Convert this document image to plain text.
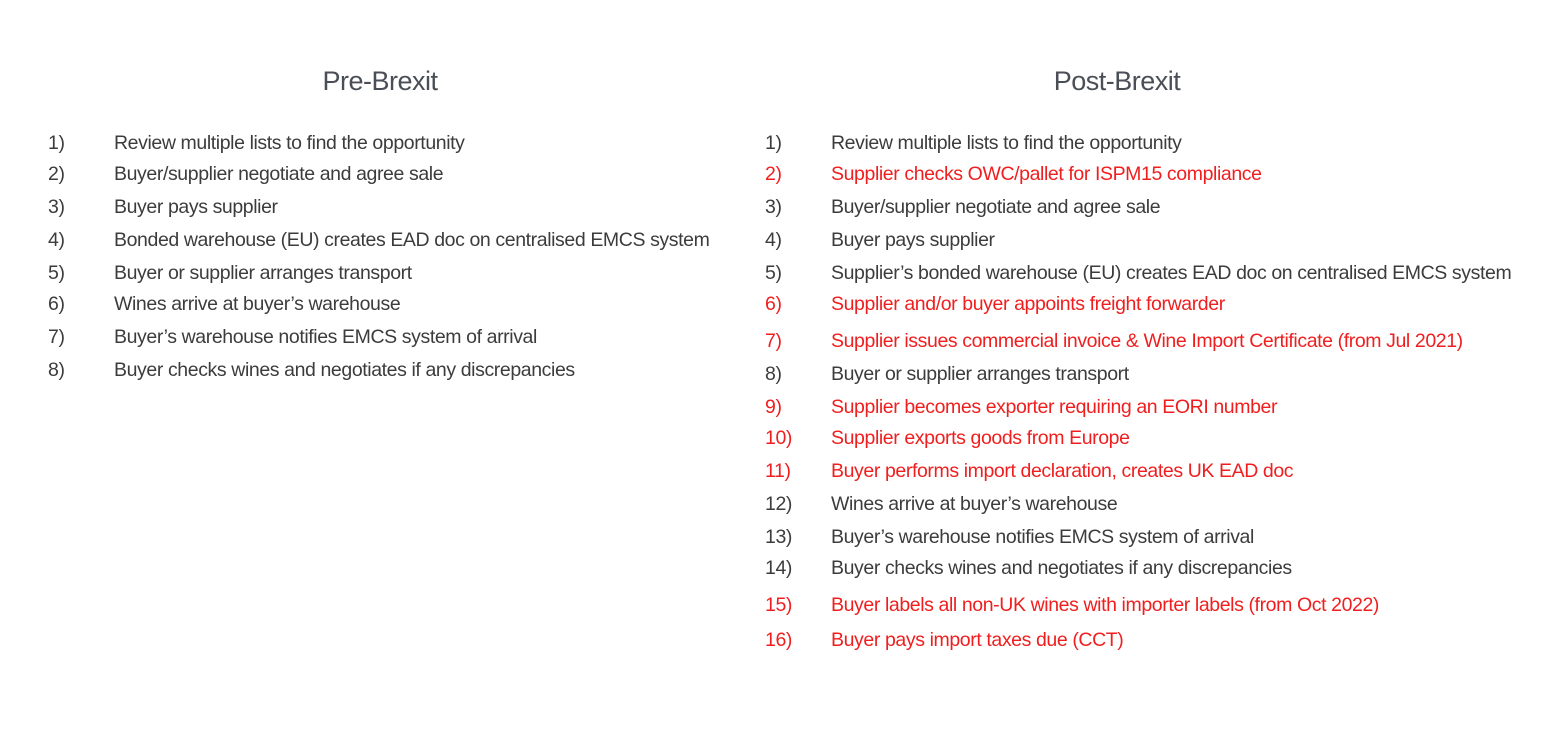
Pre-Brexit
1)	Review multiple lists to find the opportunity
2)	Buyer/supplier negotiate and agree sale
3)	Buyer pays supplier
4)	Bonded warehouse (EU) creates EAD doc on centralised EMCS system
5)	Buyer or supplier arranges transport
6)	Wines arrive at buyer’s warehouse
7)	Buyer’s warehouse notifies EMCS system of arrival
8)	Buyer checks wines and negotiates if any discrepancies
Post-Brexit
1)	Review multiple lists to find the opportunity
2)	Supplier checks OWC/pallet for ISPM15 compliance
3)	Buyer/supplier negotiate and agree sale
4)	Buyer pays supplier
5)	Supplier’s bonded warehouse (EU) creates EAD doc on centralised EMCS system
6)	Supplier and/or buyer appoints freight forwarder
7)	Supplier issues commercial invoice & Wine Import Certificate (from Jul 2021)
8)	Buyer or supplier arranges transport
9)	Supplier becomes exporter requiring an EORI number
10) Supplier exports goods from Europe
11) Buyer performs import declaration, creates UK EAD doc
12) Wines arrive at buyer’s warehouse
13) Buyer’s warehouse notifies EMCS system of arrival
14) Buyer checks wines and negotiates if any discrepancies
15) Buyer labels all non-UK wines with importer labels (from Oct 2022)
16) Buyer pays import taxes due (CCT)
